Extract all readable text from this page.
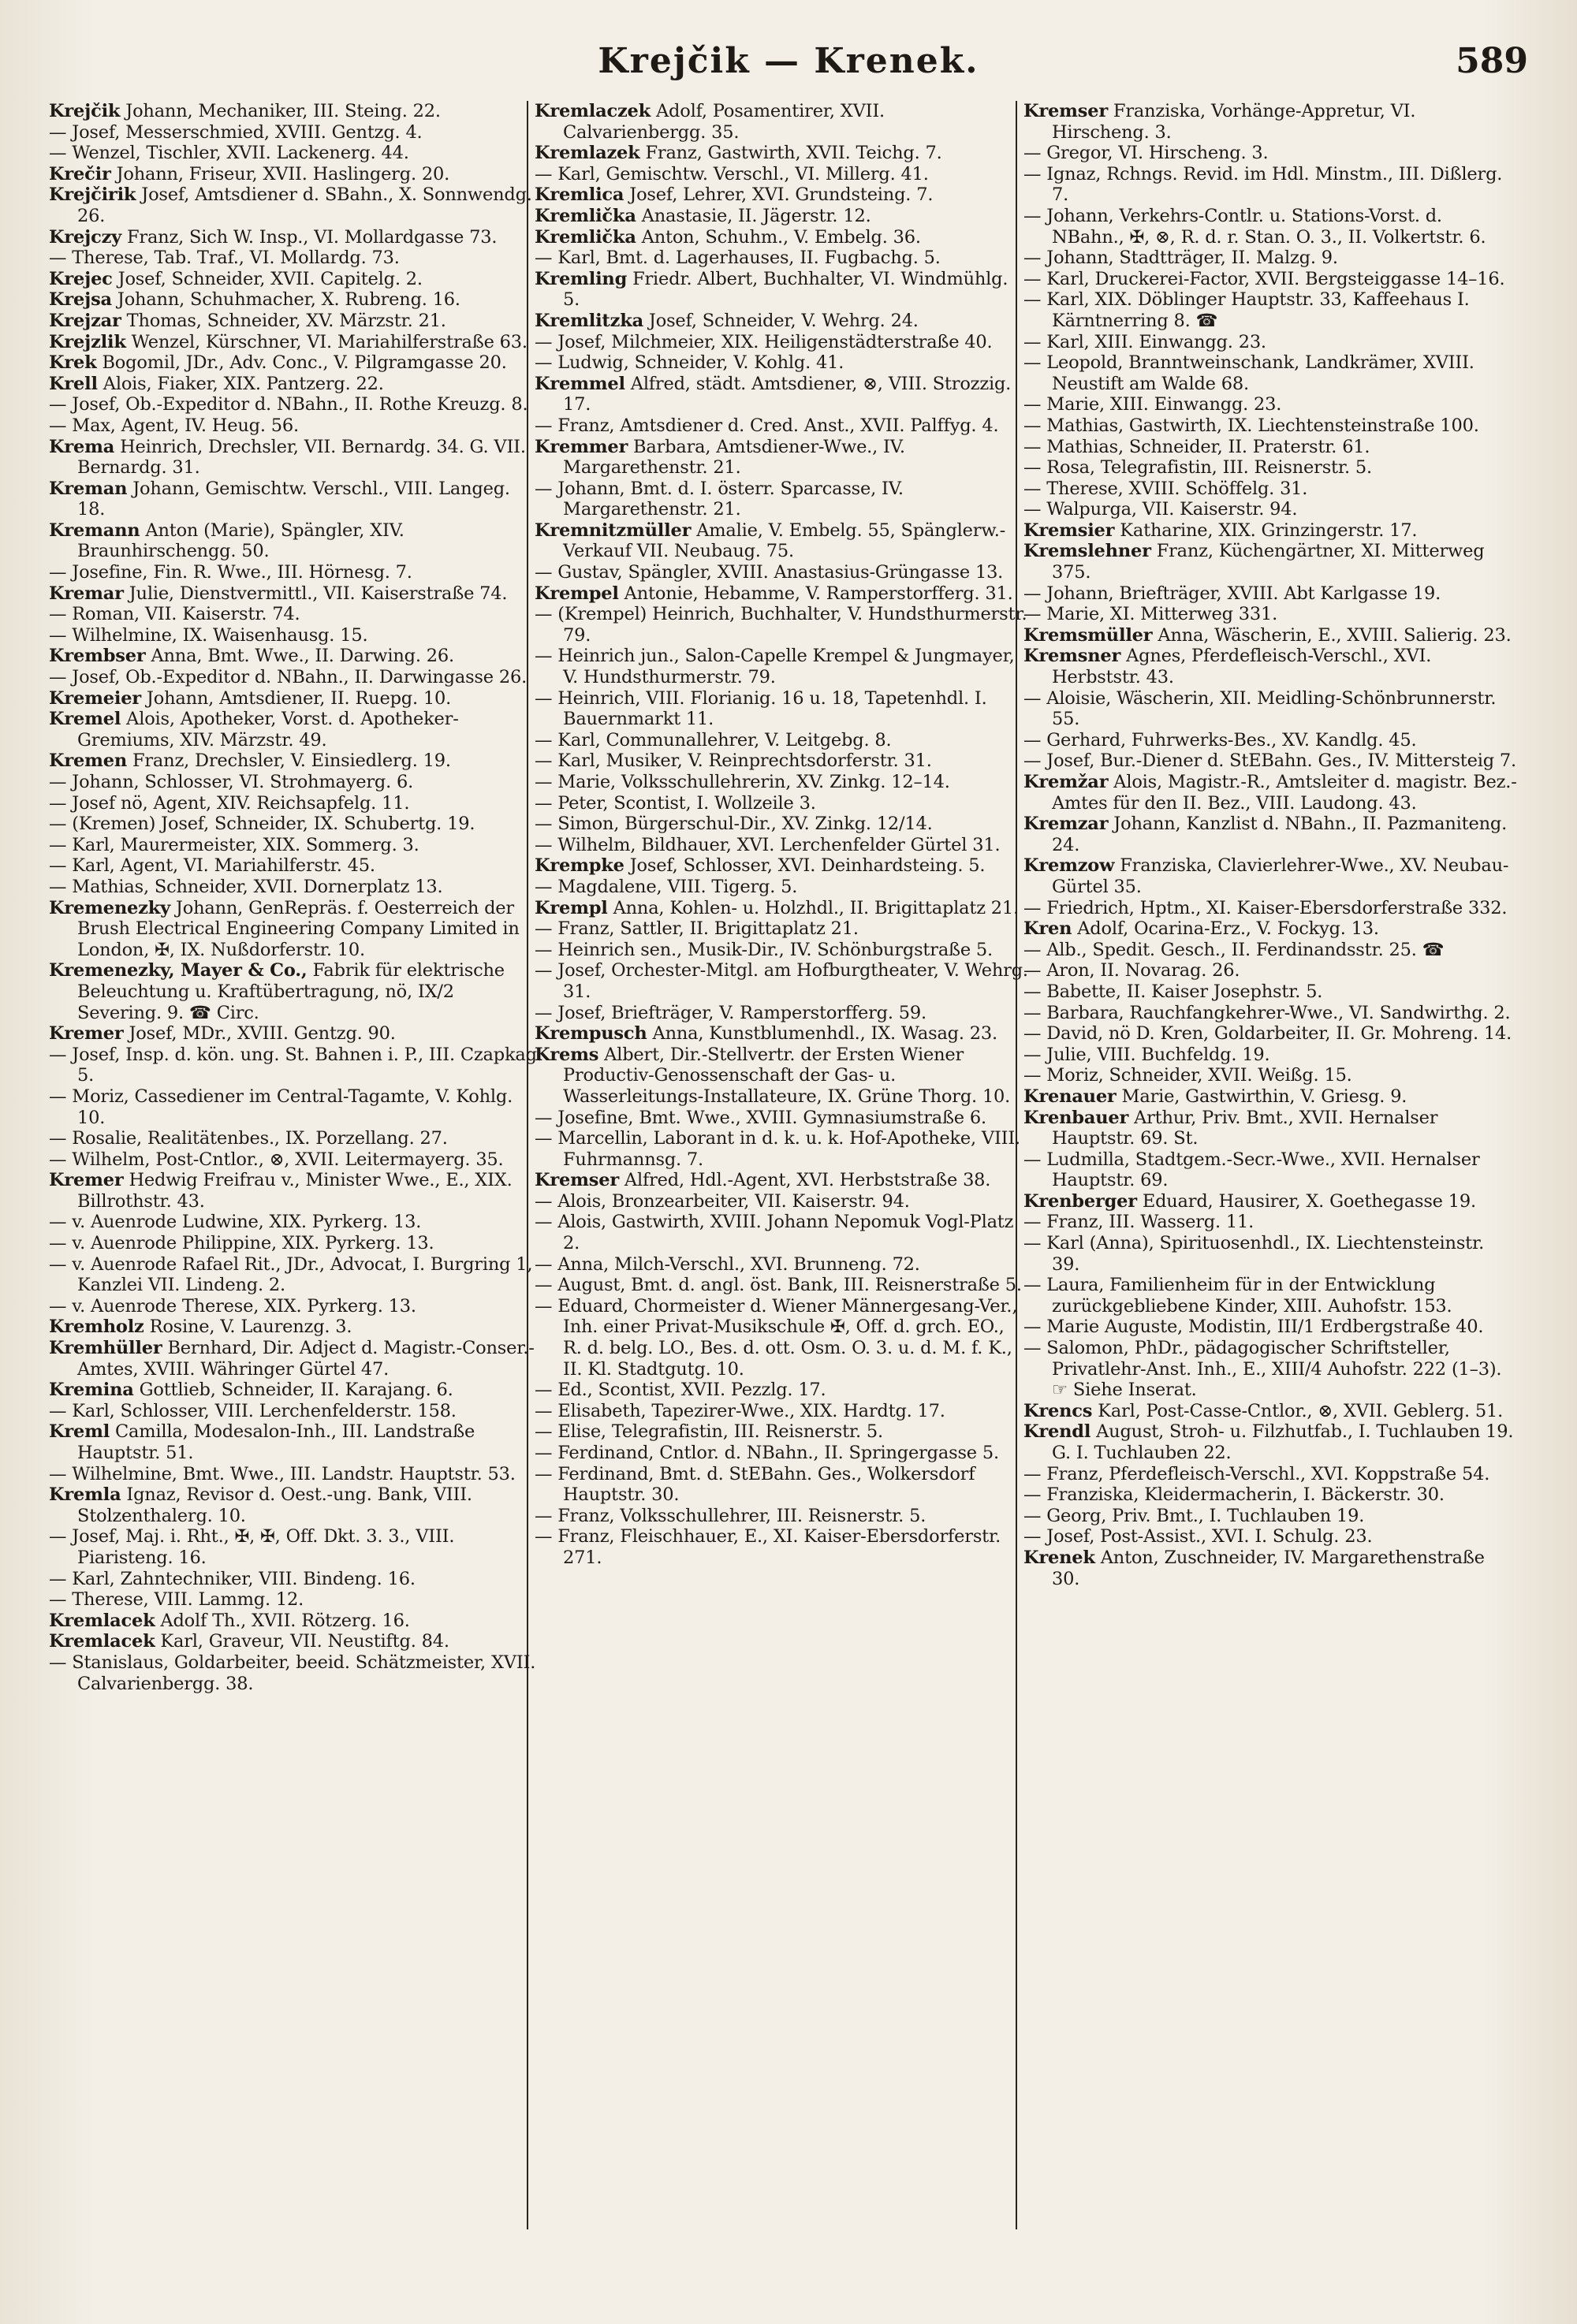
Krejčik — Krenek.	589
Krejčik Johann, Mechaniker, III. Steing. 22.
— Josef, Messerschmied, XVIII. Gentzg. 4.
— Wenzel, Tischler, XVII. Lackenerg. 44.
Krečir Johann, Friseur, XVII. Haslingerg. 20.
Krejčirik Josef, Amtsdiener d. SBahn., X. Sonnwendg. 26.
Krejczy Franz, Sich W. Insp., VI. Mollardgasse 73.
— Therese, Tab. Traf., VI. Mollardg. 73.
Krejec Josef, Schneider, XVII. Capitelg. 2.
Krejsa Johann, Schuhmacher, X. Rubreng. 16.
Krejzar Thomas, Schneider, XV. Märzstr. 21.
Krejzlik Wenzel, Kürschner, VI. Mariahilferstraße 63.
Krek Bogomil, JDr., Adv. Conc., V. Pilgramgasse 20.
Krell Alois, Fiaker, XIX. Pantzerg. 22.
— Josef, Ob.-Expeditor d. NBahn., II. Rothe Kreuzg. 8.
— Max, Agent, IV. Heug. 56.
Krema Heinrich, Drechsler, VII. Bernardg. 34. G. VII. Bernardg. 31.
Kreman Johann, Gemischtw. Verschl., VIII. Langeg. 18.
Kremann Anton (Marie), Spängler, XIV. Braunhirschengg. 50.
— Josefine, Fin. R. Wwe., III. Hörnesg. 7.
Kremar Julie, Dienstvermittl., VII. Kaiserstraße 74.
— Roman, VII. Kaiserstr. 74.
— Wilhelmine, IX. Waisenhausg. 15.
Krembser Anna, Bmt. Wwe., II. Darwing. 26.
— Josef, Ob.-Expeditor d. NBahn., II. Darwingasse 26.
Kremeier Johann, Amtsdiener, II. Ruepg. 10.
Kremel Alois, Apotheker, Vorst. d. Apotheker-Gremiums, XIV. Märzstr. 49.
Kremen Franz, Drechsler, V. Einsiedlerg. 19.
— Johann, Schlosser, VI. Strohmayerg. 6.
— Josef nö, Agent, XIV. Reichsapfelg. 11.
— (Kremen) Josef, Schneider, IX. Schubertg. 19.
— Karl, Maurermeister, XIX. Sommerg. 3.
— Karl, Agent, VI. Mariahilferstr. 45.
— Mathias, Schneider, XVII. Dornerplatz 13.
Kremenezky Johann, GenRepräs. f. Oesterreich der Brush Electrical Engineering Company Limited in London, ✠, IX. Nußdorferstr. 10.
Kremenezky, Mayer & Co., Fabrik für elektrische Beleuchtung u. Kraftübertragung, nö, IX/2 Severing. 9. ☎ Circ.
Kremer Josef, MDr., XVIII. Gentzg. 90.
— Josef, Insp. d. kön. ung. St. Bahnen i. P., III. Czapkag. 5.
— Moriz, Cassediener im Central-Tagamte, V. Kohlg. 10.
— Rosalie, Realitätenbes., IX. Porzellang. 27.
— Wilhelm, Post-Cntlor., ⊗, XVII. Leitermayerg. 35.
Kremer Hedwig Freifrau v., Minister Wwe., E., XIX. Billrothstr. 43.
— v. Auenrode Ludwine, XIX. Pyrkerg. 13.
— v. Auenrode Philippine, XIX. Pyrkerg. 13.
— v. Auenrode Rafael Rit., JDr., Advocat, I. Burgring 1, Kanzlei VII. Lindeng. 2.
— v. Auenrode Therese, XIX. Pyrkerg. 13.
Kremholz Rosine, V. Laurenzg. 3.
Kremhüller Bernhard, Dir. Adject d. Magistr.-Conser.-Amtes, XVIII. Währinger Gürtel 47.
Kremina Gottlieb, Schneider, II. Karajang. 6.
— Karl, Schlosser, VIII. Lerchenfelderstr. 158.
Kreml Camilla, Modesalon-Inh., III. Landstraße Hauptstr. 51.
— Wilhelmine, Bmt. Wwe., III. Landstr. Hauptstr. 53.
Kremla Ignaz, Revisor d. Oest.-ung. Bank, VIII. Stolzenthalerg. 10.
— Josef, Maj. i. Rht., ✠, ✠, Off. Dkt. 3. 3., VIII. Piaristeng. 16.
— Karl, Zahntechniker, VIII. Bindeng. 16.
— Therese, VIII. Lammg. 12.
Kremlacek Adolf Th., XVII. Rötzerg. 16.
Kremlacek Karl, Graveur, VII. Neustiftg. 84.
— Stanislaus, Goldarbeiter, beeid. Schätzmeister, XVII. Calvarienbergg. 38.
Kremlaczek Adolf, Posamentirer, XVII. Calvarienbergg. 35.
Kremlazek Franz, Gastwirth, XVII. Teichg. 7.
— Karl, Gemischtw. Verschl., VI. Millerg. 41.
Kremlica Josef, Lehrer, XVI. Grundsteing. 7.
Kremlička Anastasie, II. Jägerstr. 12.
Kremlička Anton, Schuhm., V. Embelg. 36.
— Karl, Bmt. d. Lagerhauses, II. Fugbachg. 5.
Kremling Friedr. Albert, Buchhalter, VI. Windmühlg. 5.
Kremlitzka Josef, Schneider, V. Wehrg. 24.
— Josef, Milchmeier, XIX. Heiligenstädterstraße 40.
— Ludwig, Schneider, V. Kohlg. 41.
Kremmel Alfred, städt. Amtsdiener, ⊗, VIII. Strozzig. 17.
— Franz, Amtsdiener d. Cred. Anst., XVII. Palffyg. 4.
Kremmer Barbara, Amtsdiener-Wwe., IV. Margarethenstr. 21.
— Johann, Bmt. d. I. österr. Sparcasse, IV. Margarethenstr. 21.
Kremnitzmüller Amalie, V. Embelg. 55, Spänglerw.-Verkauf VII. Neubaug. 75.
— Gustav, Spängler, XVIII. Anastasius-Grüngasse 13.
Krempel Antonie, Hebamme, V. Ramperstorfferg. 31.
— (Krempel) Heinrich, Buchhalter, V. Hundsthurmerstr. 79.
— Heinrich jun., Salon-Capelle Krempel & Jungmayer, V. Hundsthurmerstr. 79.
— Heinrich, VIII. Florianig. 16 u. 18, Tapetenhdl. I. Bauernmarkt 11.
— Karl, Communallehrer, V. Leitgebg. 8.
— Karl, Musiker, V. Reinprechtsdorferstr. 31.
— Marie, Volksschullehrerin, XV. Zinkg. 12–14.
— Peter, Scontist, I. Wollzeile 3.
— Simon, Bürgerschul-Dir., XV. Zinkg. 12/14.
— Wilhelm, Bildhauer, XVI. Lerchenfelder Gürtel 31.
Krempke Josef, Schlosser, XVI. Deinhardsteing. 5.
— Magdalene, VIII. Tigerg. 5.
Krempl Anna, Kohlen- u. Holzhdl., II. Brigittaplatz 21.
— Franz, Sattler, II. Brigittaplatz 21.
— Heinrich sen., Musik-Dir., IV. Schönburgstraße 5.
— Josef, Orchester-Mitgl. am Hofburgtheater, V. Wehrg. 31.
— Josef, Briefträger, V. Ramperstorfferg. 59.
Krempusch Anna, Kunstblumenhdl., IX. Wasag. 23.
Krems Albert, Dir.-Stellvertr. der Ersten Wiener Productiv-Genossenschaft der Gas- u. Wasserleitungs-Installateure, IX. Grüne Thorg. 10.
— Josefine, Bmt. Wwe., XVIII. Gymnasiumstraße 6.
— Marcellin, Laborant in d. k. u. k. Hof-Apotheke, VIII. Fuhrmannsg. 7.
Kremser Alfred, Hdl.-Agent, XVI. Herbststraße 38.
— Alois, Bronzearbeiter, VII. Kaiserstr. 94.
— Alois, Gastwirth, XVIII. Johann Nepomuk Vogl-Platz 2.
— Anna, Milch-Verschl., XVI. Brunneng. 72.
— August, Bmt. d. angl. öst. Bank, III. Reisnerstraße 5.
— Eduard, Chormeister d. Wiener Männergesang-Ver., Inh. einer Privat-Musikschule ✠, Off. d. grch. EO., R. d. belg. LO., Bes. d. ott. Osm. O. 3. u. d. M. f. K., II. Kl. Stadtgutg. 10.
— Ed., Scontist, XVII. Pezzlg. 17.
— Elisabeth, Tapezirer-Wwe., XIX. Hardtg. 17.
— Elise, Telegrafistin, III. Reisnerstr. 5.
— Ferdinand, Cntlor. d. NBahn., II. Springergasse 5.
— Ferdinand, Bmt. d. StEBahn. Ges., Wolkersdorf Hauptstr. 30.
— Franz, Volksschullehrer, III. Reisnerstr. 5.
— Franz, Fleischhauer, E., XI. Kaiser-Ebersdorferstr. 271.
Kremser Franziska, Vorhänge-Appretur, VI. Hirscheng. 3.
— Gregor, VI. Hirscheng. 3.
— Ignaz, Rchngs. Revid. im Hdl. Minstm., III. Dißlerg. 7.
— Johann, Verkehrs-Contlr. u. Stations-Vorst. d. NBahn., ✠, ⊗, R. d. r. Stan. O. 3., II. Volkertstr. 6.
— Johann, Stadtträger, II. Malzg. 9.
— Karl, Druckerei-Factor, XVII. Bergsteiggasse 14–16.
— Karl, XIX. Döblinger Hauptstr. 33, Kaffeehaus I. Kärntnerring 8. ☎
— Karl, XIII. Einwangg. 23.
— Leopold, Branntweinschank, Landkrämer, XVIII. Neustift am Walde 68.
— Marie, XIII. Einwangg. 23.
— Mathias, Gastwirth, IX. Liechtensteinstraße 100.
— Mathias, Schneider, II. Praterstr. 61.
— Rosa, Telegrafistin, III. Reisnerstr. 5.
— Therese, XVIII. Schöffelg. 31.
— Walpurga, VII. Kaiserstr. 94.
Kremsier Katharine, XIX. Grinzingerstr. 17.
Kremslehner Franz, Küchengärtner, XI. Mitterweg 375.
— Johann, Briefträger, XVIII. Abt Karlgasse 19.
— Marie, XI. Mitterweg 331.
Kremsmüller Anna, Wäscherin, E., XVIII. Salierig. 23.
Kremsner Agnes, Pferdefleisch-Verschl., XVI. Herbststr. 43.
— Aloisie, Wäscherin, XII. Meidling-Schönbrunnerstr. 55.
— Gerhard, Fuhrwerks-Bes., XV. Kandlg. 45.
— Josef, Bur.-Diener d. StEBahn. Ges., IV. Mittersteig 7.
Kremžar Alois, Magistr.-R., Amtsleiter d. magistr. Bez.-Amtes für den II. Bez., VIII. Laudong. 43.
Kremzar Johann, Kanzlist d. NBahn., II. Pazmaniteng. 24.
Kremzow Franziska, Clavierlehrer-Wwe., XV. Neubau-Gürtel 35.
— Friedrich, Hptm., XI. Kaiser-Ebersdorferstraße 332.
Kren Adolf, Ocarina-Erz., V. Fockyg. 13.
— Alb., Spedit. Gesch., II. Ferdinandsstr. 25. ☎
— Aron, II. Novarag. 26.
— Babette, II. Kaiser Josephstr. 5.
— Barbara, Rauchfangkehrer-Wwe., VI. Sandwirthg. 2.
— David, nö D. Kren, Goldarbeiter, II. Gr. Mohreng. 14.
— Julie, VIII. Buchfeldg. 19.
— Moriz, Schneider, XVII. Weißg. 15.
Krenauer Marie, Gastwirthin, V. Griesg. 9.
Krenbauer Arthur, Priv. Bmt., XVII. Hernalser Hauptstr. 69. St.
— Ludmilla, Stadtgem.-Secr.-Wwe., XVII. Hernalser Hauptstr. 69.
Krenberger Eduard, Hausirer, X. Goethegasse 19.
— Franz, III. Wasserg. 11.
— Karl (Anna), Spirituosenhdl., IX. Liechtensteinstr. 39.
— Laura, Familienheim für in der Entwicklung zurückgebliebene Kinder, XIII. Auhofstr. 153.
— Marie Auguste, Modistin, III/1 Erdbergstraße 40.
— Salomon, PhDr., pädagogischer Schriftsteller, Privatlehr-Anst. Inh., E., XIII/4 Auhofstr. 222 (1–3). ☞ Siehe Inserat.
Krencs Karl, Post-Casse-Cntlor., ⊗, XVII. Geblerg. 51.
Krendl August, Stroh- u. Filzhutfab., I. Tuchlauben 19. G. I. Tuchlauben 22.
— Franz, Pferdefleisch-Verschl., XVI. Koppstraße 54.
— Franziska, Kleidermacherin, I. Bäckerstr. 30.
— Georg, Priv. Bmt., I. Tuchlauben 19.
— Josef, Post-Assist., XVI. I. Schulg. 23.
Krenek Anton, Zuschneider, IV. Margarethenstraße 30.
